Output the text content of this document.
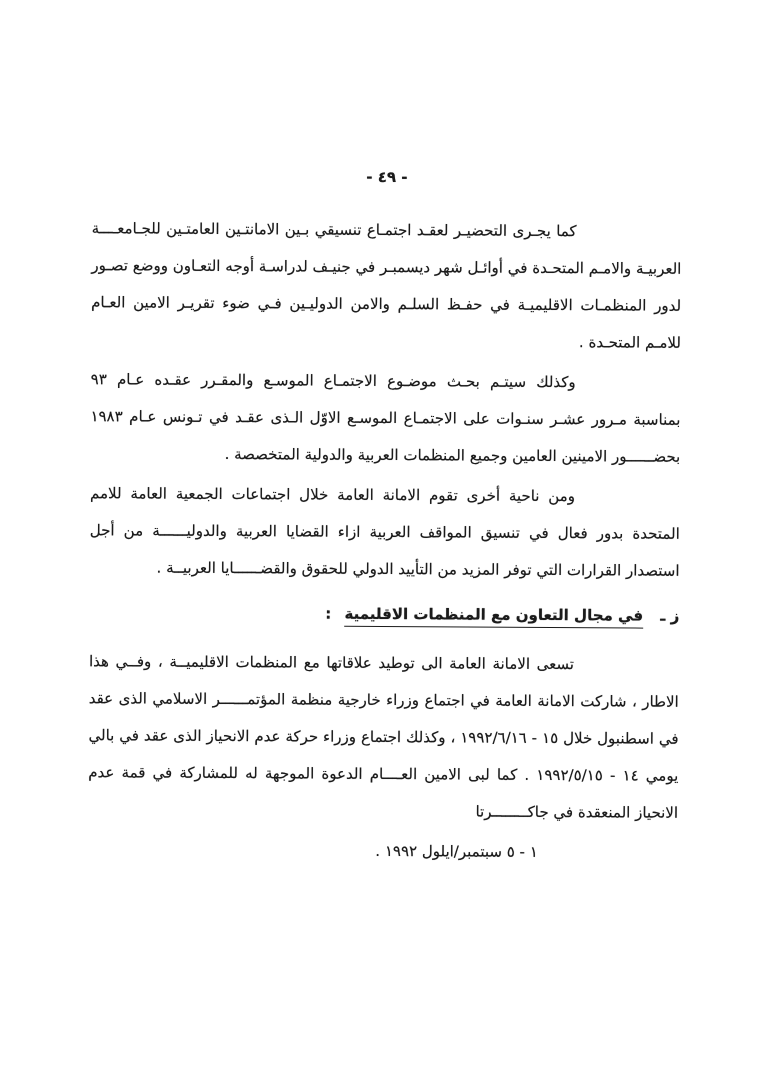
- ٤٩ -

كما يجـرى التحضيـر لعقـد اجتمـاع تنسيقي بـين الامانتـين العامتـين للجـامعــــة العربيـة والامـم المتحـدة في أوائـل شهر ديسمبـر في جنيـف لدراسـة أوجه التعـاون ووضع تصـور لدور المنظمـات الاقليميـة في حفـظ السلـم والامن الدوليـين فـي ضوء تقريـر الامين العـام للامـم المتحـدة .

وكذلك سيتـم بحـث موضـوع الاجتمـاع الموسـع والمقـرر عقـده عـام ٩٣ بمناسبة مـرور عشـر سنـوات على الاجتمـاع الموسـع الاوّل الـذى عقـد في تـونس عـام ١٩٨٣ بحضــــــور الامينين العامين وجميع المنظمات العربية والدولية المتخصصة .

ومن ناحية أخرى تقوم الامانة العامة خلال اجتماعات الجمعية العامة للامم المتحدة بدور فعال في تنسيق المواقف العربية ازاء القضايا العربية والدوليــــــة من أجل استصدار القرارات التي توفر المزيد من التأييد الدولي للحقوق والقضــــــايا العربيــة .

ز ـ في مجال التعاون مع المنظمات الاقليمية :

تسعى الامانة العامة الى توطيد علاقاتها مع المنظمات الاقليميــة ، وفــي هذا الاطار ، شاركت الامانة العامة في اجتماع وزراء خارجية منظمة المؤتمــــــر الاسلامي الذى عقد في اسطنبول خلال ١٥ - ١٩٩٢/٦/١٦ ، وكذلك اجتماع وزراء حركة عدم الانحياز الذى عقد في بالي يومي ١٤ - ١٩٩٢/٥/١٥ . كما لبى الامين العــــام الدعوة الموجهة له للمشاركة في قمة عدم الانحياز المنعقدة في جاكــــــــرتا

١ - ٥ سبتمبر/ايلول ١٩٩٢ .
